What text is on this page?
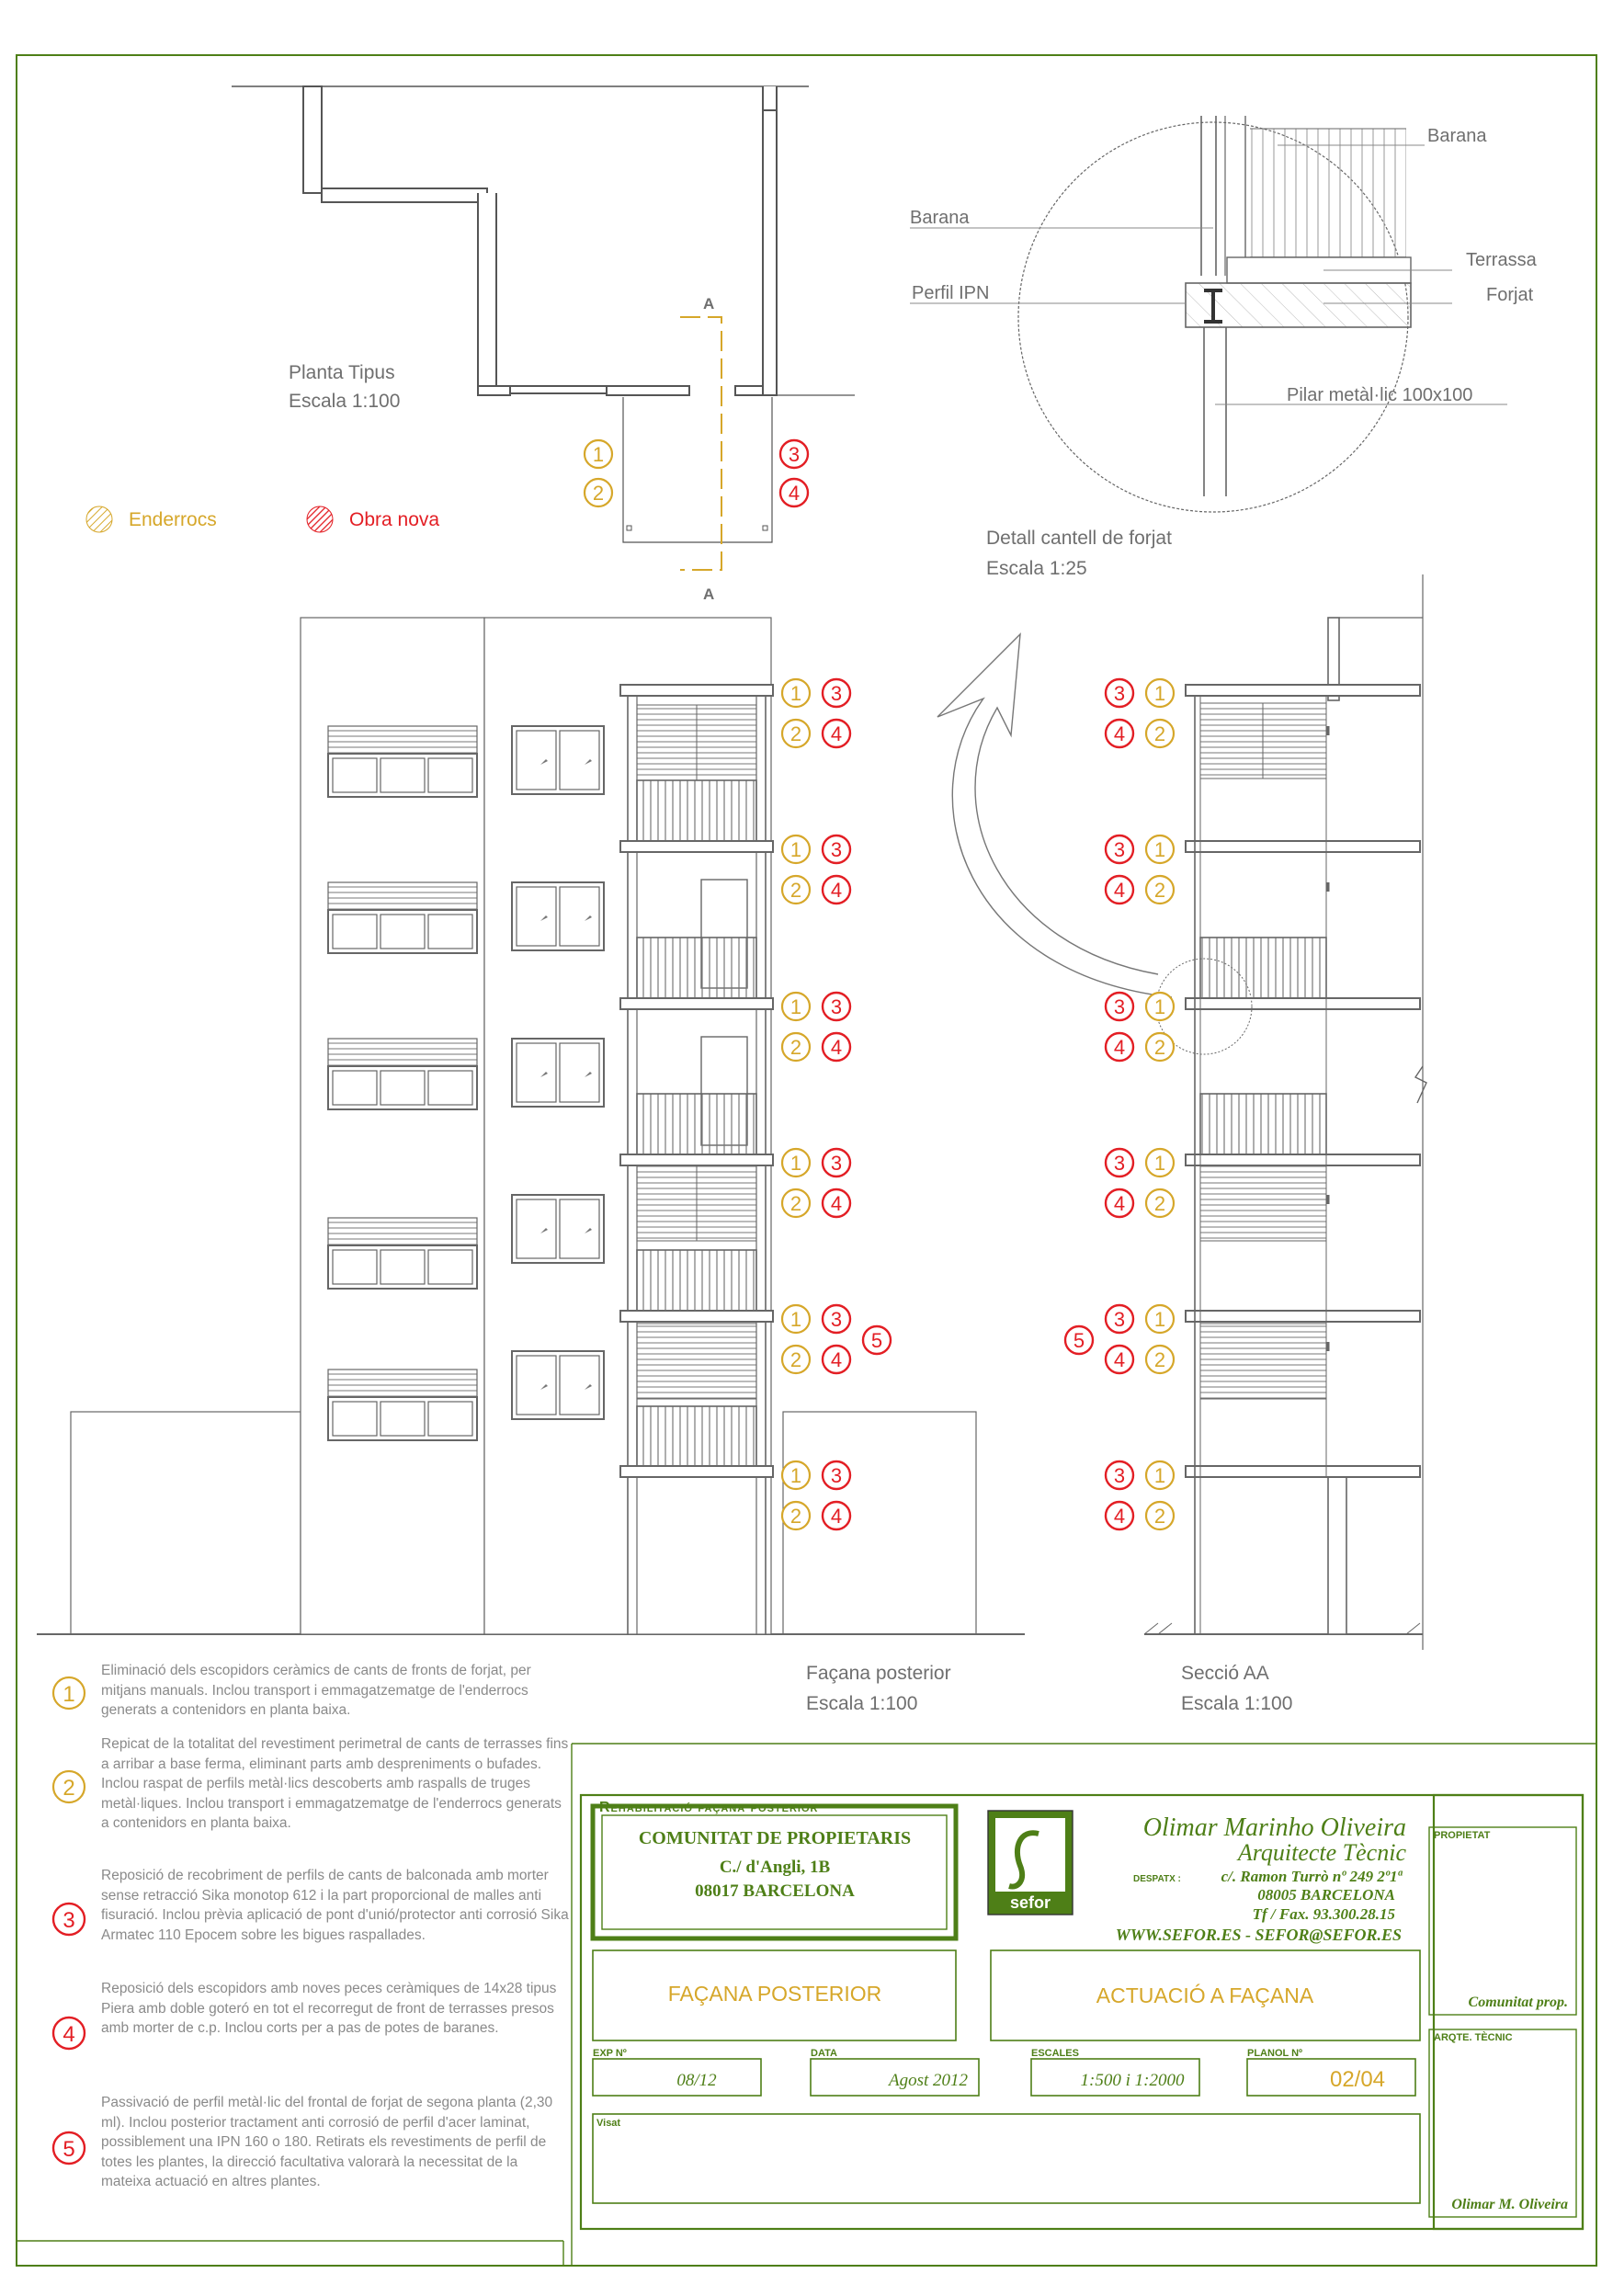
A
A
Planta Tipus
Escala 1:100
1
2
3
4
Enderrocs	Obra nova
Barana
Barana
Terrassa
Perfil IPN	Forjat
Pilar metàl·lic 100x100
Detall cantell de forjat
Escala 1:25
Façana posterior
Escala 1:100
1 3
2 4
1 3
2 4
1 3
2 4
1 3
2 4
1 3
2 4
5
1 3
2 4
Secció AA
Escala 1:100
3 1
4 2
3 1
4 2
3 1
4 2
3 1
4 2
3 1
4 2
5
3 1
4 2
1
2
3
4
5
Rehabilitació façana posterior
COMUNITAT DE PROPIETARIS
C./ d'Angli, 1B
08017 BARCELONA
sefor
Olimar Marinho Oliveira
Arquitecte Tècnic
DESPATX :	c/. Ramon Turrò nº 249 2º1ª
08005 BARCELONA
Tf / Fax. 93.300.28.15
WWW.SEFOR.ES - SEFOR@SEFOR.ES
FAÇANA POSTERIOR	ACTUACIÓ A FAÇANA
EXP Nº
08/12
DATA
Agost 2012
ESCALES
1:500 i 1:2000
PLANOL Nº
02/04
Visat
PROPIETAT
Comunitat prop.
ARQTE. TÈCNIC
Olimar M. Oliveira
Eliminació dels escopidors ceràmics de cants de fronts de forjat, per mitjans manuals. Inclou transport i emmagatzematge de l'enderrocs generats a contenidors en planta baixa.
Repicat de la totalitat del revestiment perimetral de cants de terrasses fins a arribar a base ferma, eliminant parts amb despreniments o bufades. Inclou raspat de perfils metàl·lics descoberts amb raspalls de truges metàl·liques. Inclou transport i emmagatzematge de l'enderrocs generats a contenidors en planta baixa.
Reposició de recobriment de perfils de cants de balconada amb morter sense retracció Sika monotop 612 i la part proporcional de malles anti fisuració. Inclou prèvia aplicació de pont d'unió/protector anti corrosió Sika Armatec 110 Epocem sobre les bigues raspallades.
Reposició dels escopidors amb noves peces ceràmiques de 14x28 tipus Piera amb doble goteró en tot el recorregut de front de terrasses presos amb morter de c.p. Inclou corts per a pas de potes de baranes.
Passivació de perfil metàl·lic del frontal de forjat de segona planta (2,30 ml). Inclou posterior tractament anti corrosió de perfil d'acer laminat, possiblement una IPN 160 o 180. Retirats els revestiments de perfil de totes les plantes, la direcció facultativa valorarà la necessitat de la mateixa actuació en altres plantes.
